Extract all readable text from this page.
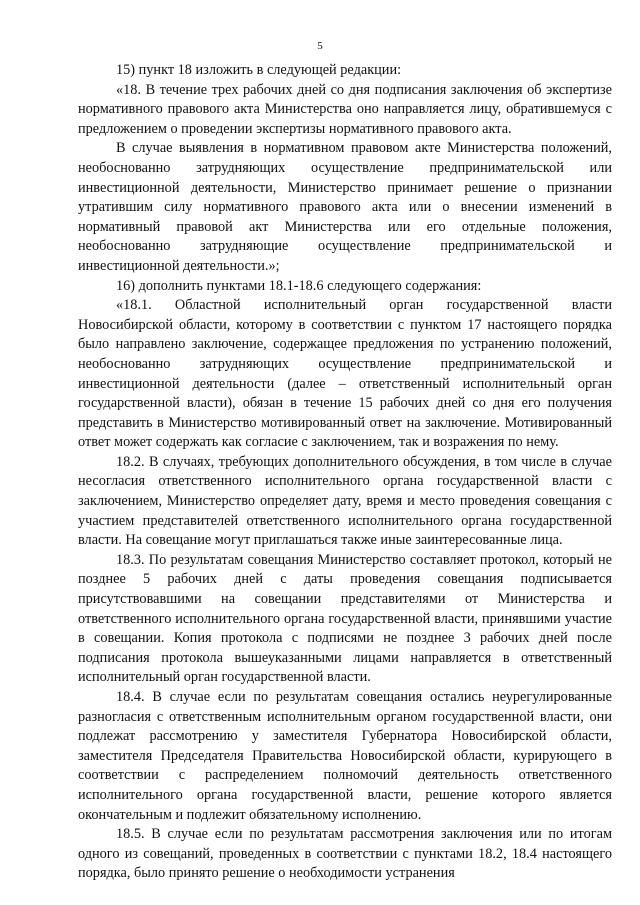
5

15) пункт 18 изложить в следующей редакции:

«18. В течение трех рабочих дней со дня подписания заключения об экспертизе нормативного правового акта Министерства оно направляется лицу, обратившемуся с предложением о проведении экспертизы нормативного правового акта.

В случае выявления в нормативном правовом акте Министерства положений, необоснованно затрудняющих осуществление предпринимательской или инвестиционной деятельности, Министерство принимает решение о признании утратившим силу нормативного правового акта или о внесении изменений в нормативный правовой акт Министерства или его отдельные положения, необоснованно затрудняющие осуществление предпринимательской и инвестиционной деятельности.»;

16) дополнить пунктами 18.1-18.6 следующего содержания:

«18.1. Областной исполнительный орган государственной власти Новосибирской области, которому в соответствии с пунктом 17 настоящего порядка было направлено заключение, содержащее предложения по устранению положений, необоснованно затрудняющих осуществление предпринимательской и инвестиционной деятельности (далее – ответственный исполнительный орган государственной власти), обязан в течение 15 рабочих дней со дня его получения представить в Министерство мотивированный ответ на заключение. Мотивированный ответ может содержать как согласие с заключением, так и возражения по нему.

18.2. В случаях, требующих дополнительного обсуждения, в том числе в случае несогласия ответственного исполнительного органа государственной власти с заключением, Министерство определяет дату, время и место проведения совещания с участием представителей ответственного исполнительного органа государственной власти. На совещание могут приглашаться также иные заинтересованные лица.

18.3. По результатам совещания Министерство составляет протокол, который не позднее 5 рабочих дней с даты проведения совещания подписывается присутствовавшими на совещании представителями от Министерства и ответственного исполнительного органа государственной власти, принявшими участие в совещании. Копия протокола с подписями не позднее 3 рабочих дней после подписания протокола вышеуказанными лицами направляется в ответственный исполнительный орган государственной власти.

18.4. В случае если по результатам совещания остались неурегулированные разногласия с ответственным исполнительным органом государственной власти, они подлежат рассмотрению у заместителя Губернатора Новосибирской области, заместителя Председателя Правительства Новосибирской области, курирующего в соответствии с распределением полномочий деятельность ответственного исполнительного органа государственной власти, решение которого является окончательным и подлежит обязательному исполнению.

18.5. В случае если по результатам рассмотрения заключения или по итогам одного из совещаний, проведенных в соответствии с пунктами 18.2, 18.4 настоящего порядка, было принято решение о необходимости устранения
